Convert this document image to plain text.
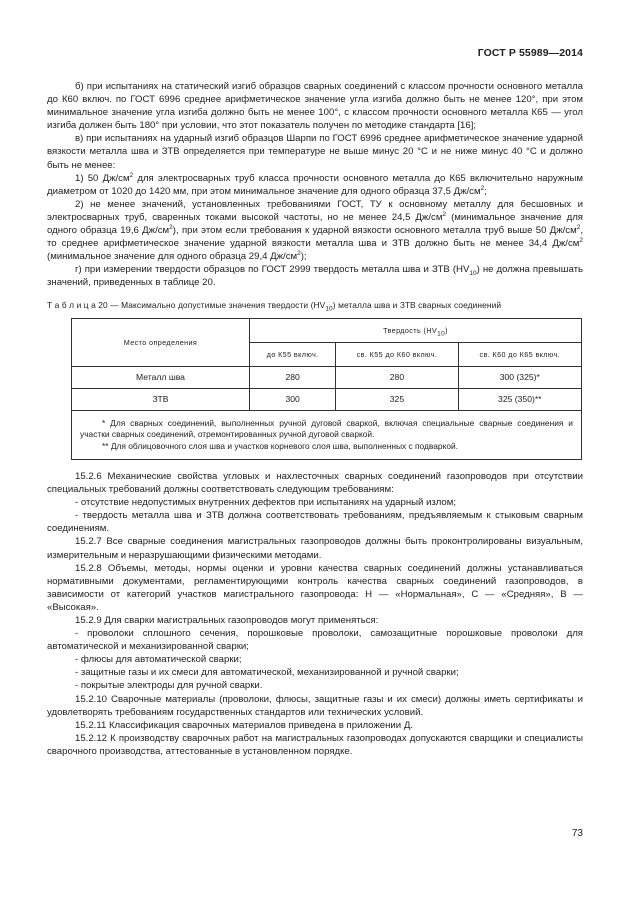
ГОСТ Р 55989—2014

б) при испытаниях на статический изгиб образцов сварных соединений с классом прочности основного металла до К60 включ. по ГОСТ 6996 среднее арифметическое значение угла изгиба должно быть не менее 120°, при этом минимальное значение угла изгиба должно быть не менее 100°, с классом прочности основного металла К65 — угол изгиба должен быть 180° при условии, что этот показатель получен по методике стандарта [16];

в) при испытаниях на ударный изгиб образцов Шарпи по ГОСТ 6996 среднее арифметическое значение ударной вязкости металла шва и ЗТВ определяется при температуре не выше минус 20 °С и не ниже минус 40 °С и должно быть не менее:

1) 50 $Дж/см^2$ для электросварных труб класса прочности основного металла до К65 включительно наружным диаметром от 1020 до 1420 мм, при этом минимальное значение для одного образца 37,5 $Дж/см^2$;

2) не менее значений, установленных требованиями ГОСТ, ТУ к основному металлу для бесшовных и электросварных труб, сваренных токами высокой частоты, но не менее 24,5 $Дж/см^2$ (минимальное значение для одного образца 19,6 $Дж/см^2$), при этом если требования к ударной вязкости основного металла труб выше 50 $Дж/см^2$, то среднее арифметическое значение ударной вязкости металла шва и ЗТВ должно быть не менее 34,4 $Дж/см^2$ (минимальное значение для одного образца 29,4 $Дж/см^2$);

г) при измерении твердости образцов по ГОСТ 2999 твердость металла шва и ЗТВ $(HV_{10})$ не должна превышать значений, приведенных в таблице 20.

Т а б л и ц а 20 — Максимально допустимые значения твердости $(HV_{10})$ металла шва и ЗТВ сварных соединений

Место определения	Твердость $(HV_{10})$		
	до К55 включ.	св. К55 до К60 включ.	св. К60 до К65 включ.
Металл шва	280	280	300 (325)*
ЗТВ	300	325	325 (350)**

* Для сварных соединений, выполненных ручной дуговой сваркой, включая специальные сварные соединения и участки сварных соединений, отремонтированных ручной дуговой сваркой.
** Для облицовочного слоя шва и участков корневого слоя шва, выполненных с подваркой.			

15.2.6 Механические свойства угловых и нахлесточных сварных соединений газопроводов при отсутствии специальных требований должны соответствовать следующим требованиям:

- отсутствие недопустимых внутренних дефектов при испытаниях на ударный излом;

- твердость металла шва и ЗТВ должна соответствовать требованиям, предъявляемым к стыковым сварным соединениям.

15.2.7 Все сварные соединения магистральных газопроводов должны быть проконтролированы визуальным, измерительным и неразрушающими физическими методами.

15.2.8 Объемы, методы, нормы оценки и уровни качества сварных соединений должны устанавливаться нормативными документами, регламентирующими контроль качества сварных соединений газопроводов, в зависимости от категорий участков магистрального газопровода: Н — «Нормальная», С — «Средняя», В — «Высокая».

15.2.9 Для сварки магистральных газопроводов могут применяться:

- проволоки сплошного сечения, порошковые проволоки, самозащитные порошковые проволоки для автоматической и механизированной сварки;

- флюсы для автоматической сварки;

- защитные газы и их смеси для автоматической, механизированной и ручной сварки;

- покрытые электроды для ручной сварки.

15.2.10 Сварочные материалы (проволоки, флюсы, защитные газы и их смеси) должны иметь сертификаты и удовлетворять требованиям государственных стандартов или технических условий.

15.2.11 Классификация сварочных материалов приведена в приложении Д.

15.2.12 К производству сварочных работ на магистральных газопроводах допускаются сварщики и специалисты сварочного производства, аттестованные в установленном порядке.

73
